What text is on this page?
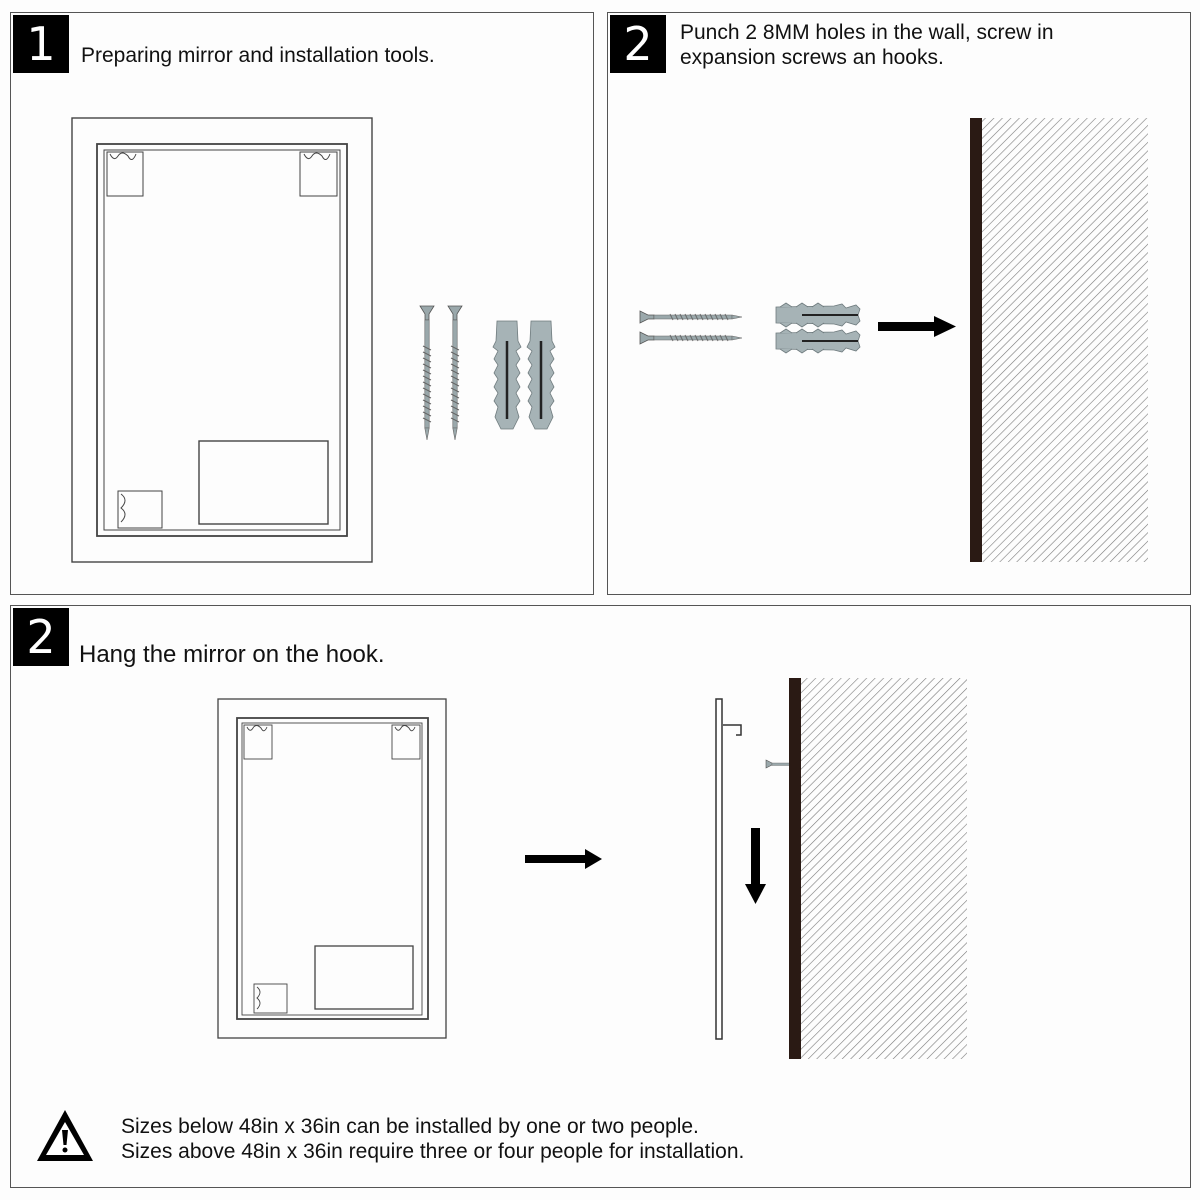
1	Preparing mirror and installation tools.	2	Punch 2 8MM holes in the wall, screw in
expansion screws an hooks.
2 Hang the mirror on the hook.
Sizes below 48in x 36in can be installed by one or two people.
Sizes above 48in x 36in require three or four people for installation.
